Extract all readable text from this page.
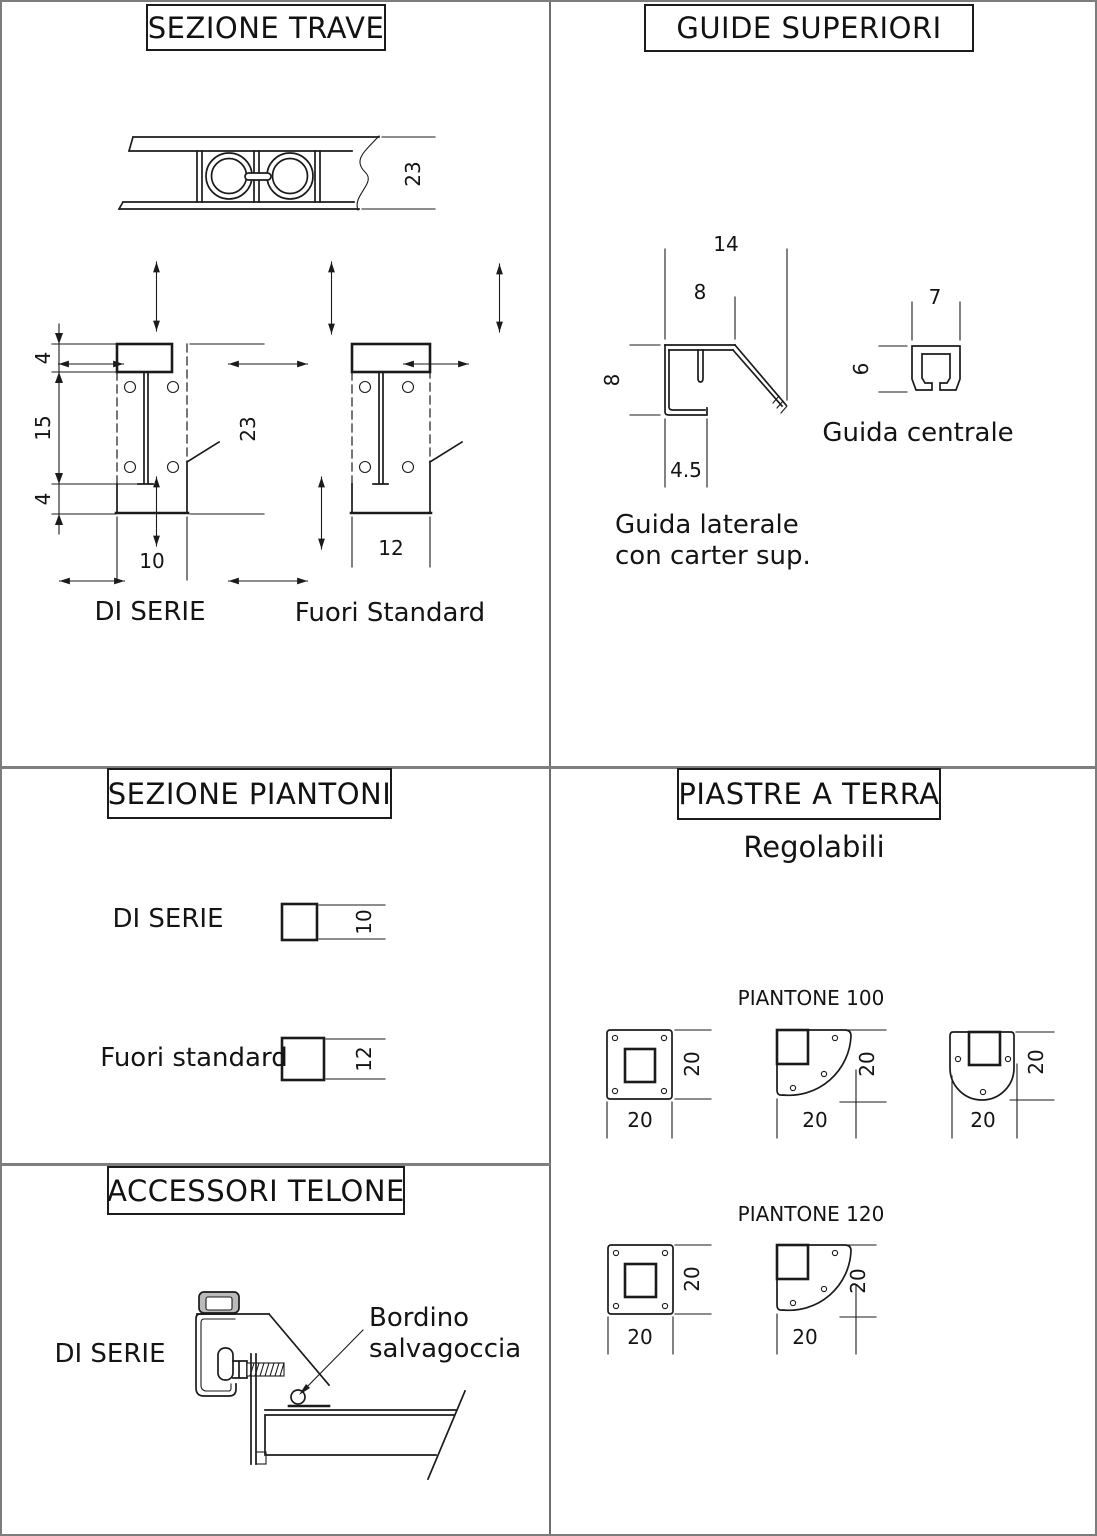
SEZIONE TRAVE	GUIDE SUPERIORI
SEZIONE PIANTONI	PIASTRE A TERRA
ACCESSORI TELONE
DI SERIE	Fuori Standard
Guida laterale
con carter sup.
Guida centrale
Regolabili
PIANTONE 100
PIANTONE 120
DI SERIE
Fuori standard
DI SERIE
Bordino
salvagoccia
23
4
15
4
23
10
12
14
8
8
4.5
7
6
10
12	20
20
20
20
20
20
20
20
20
20
